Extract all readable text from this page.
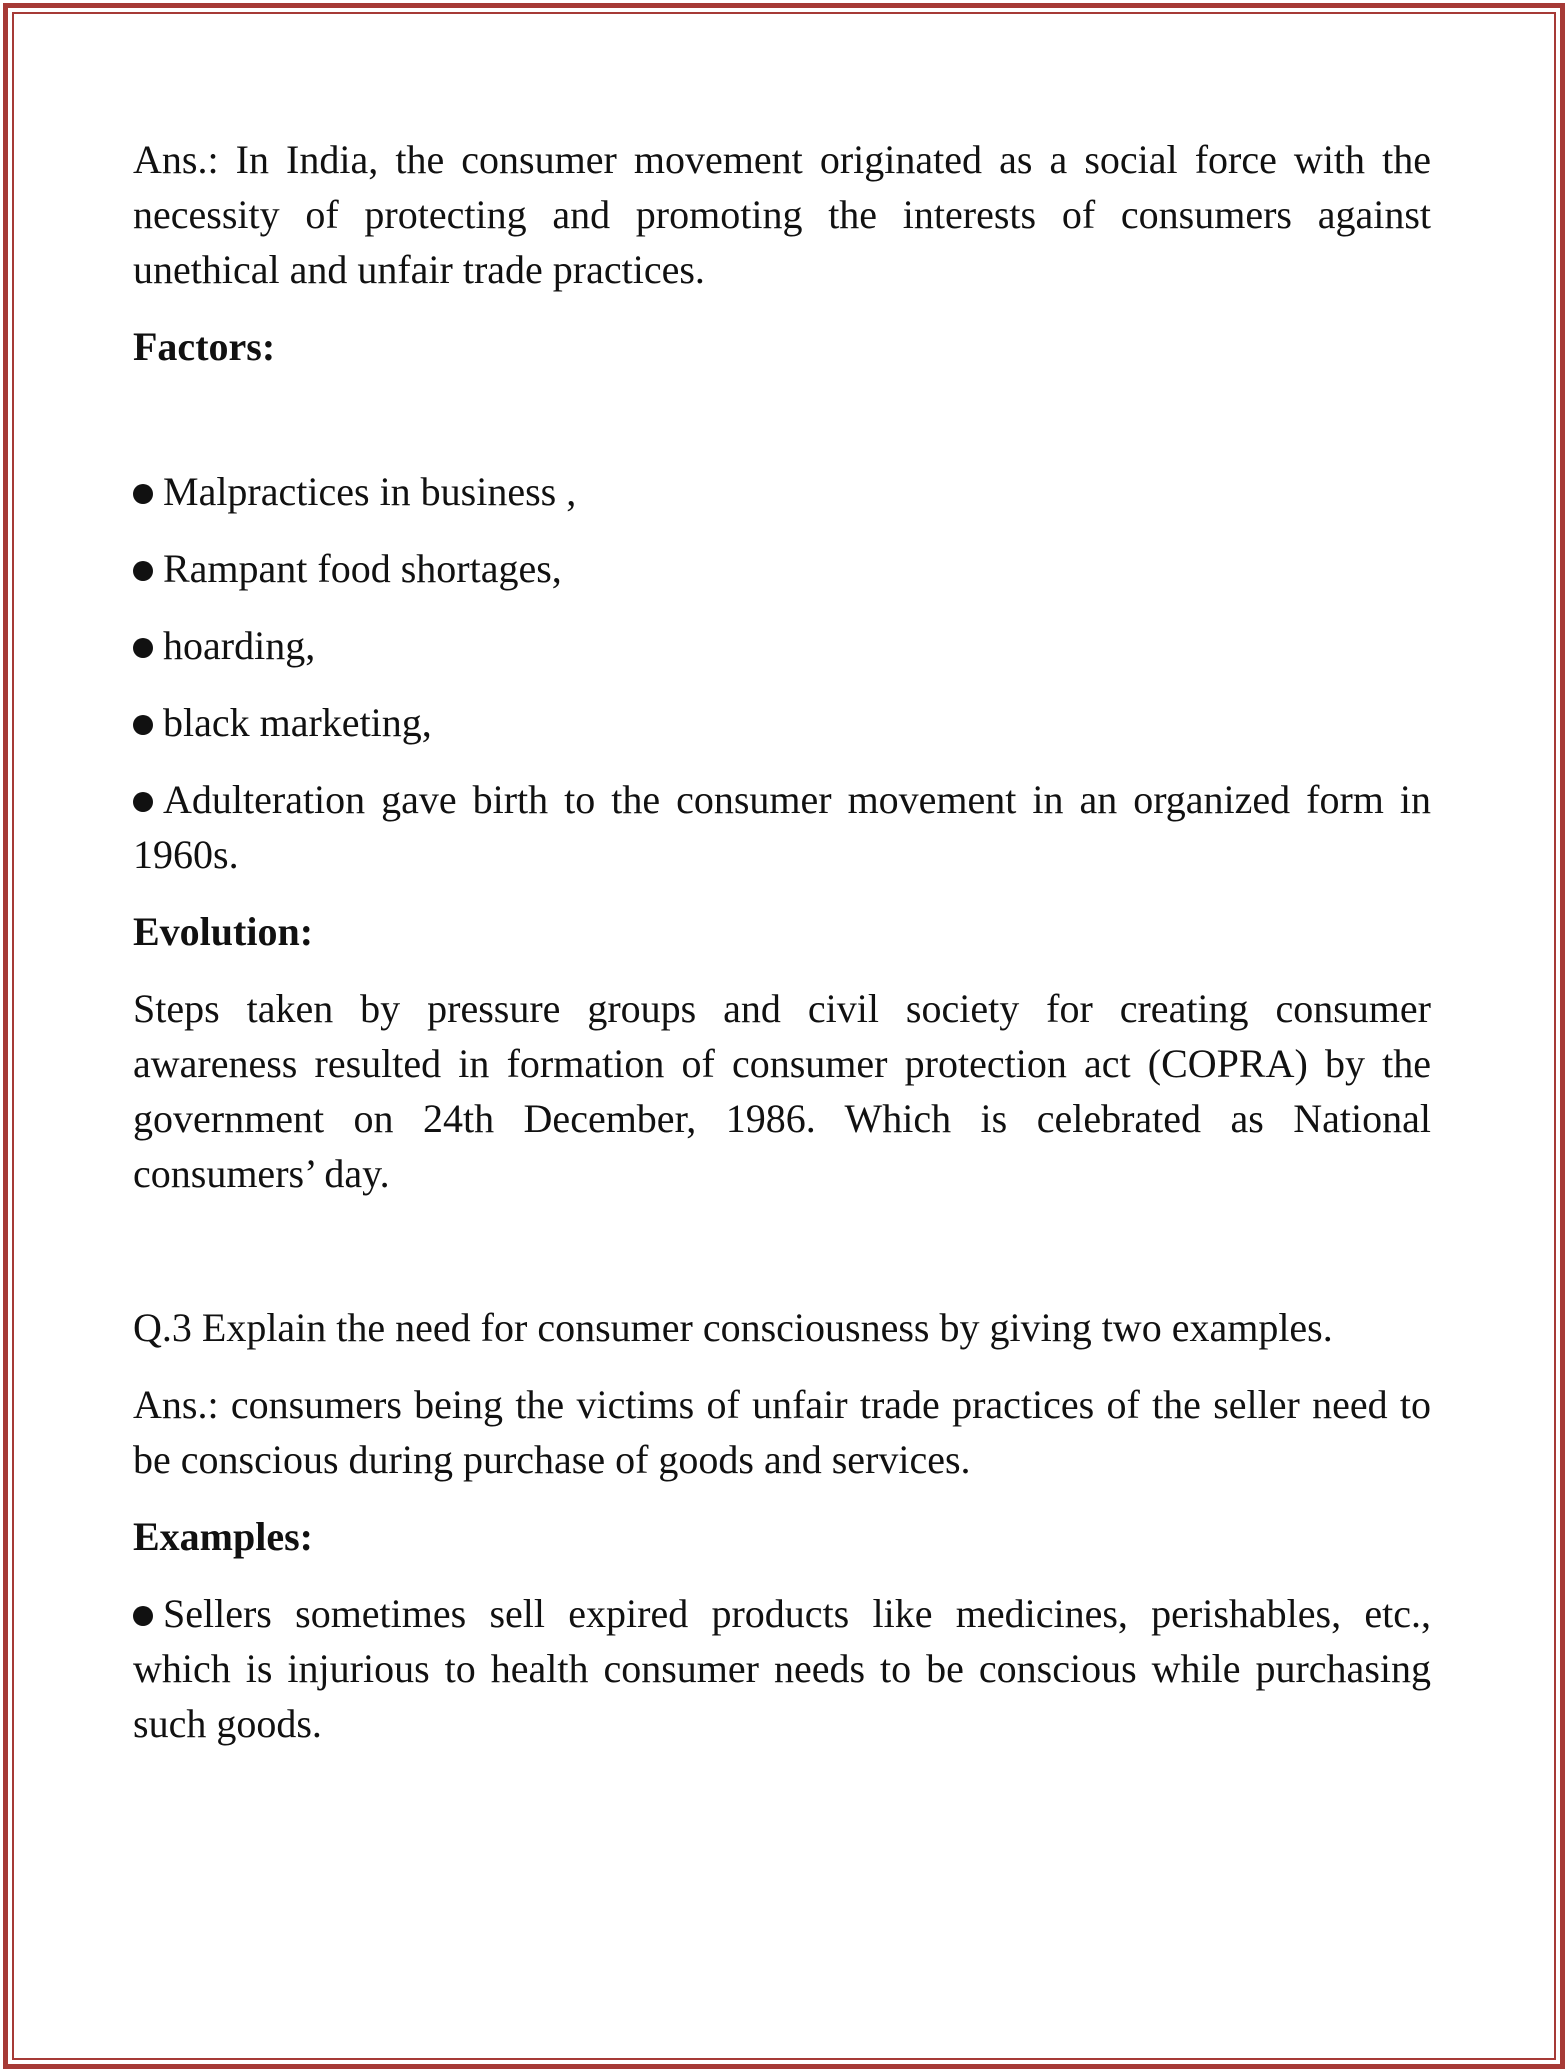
Ans.: In India, the consumer movement originated as a social force with the necessity of protecting and promoting the interests of consumers against unethical and unfair trade practices.

Factors:

Malpractices in business ,

Rampant food shortages,

hoarding,

black marketing,

Adulteration gave birth to the consumer movement in an organized form in 1960s.

Evolution:

Steps taken by pressure groups and civil society for creating consumer awareness resulted in formation of consumer protection act (COPRA) by the government on 24th December, 1986. Which is celebrated as National consumers’ day.

Q.3 Explain the need for consumer consciousness by giving two examples.

Ans.: consumers being the victims of unfair trade practices of the seller need to be conscious during purchase of goods and services.

Examples:

Sellers sometimes sell expired products like medicines, perishables, etc., which is injurious to health consumer needs to be conscious while purchasing such goods.
